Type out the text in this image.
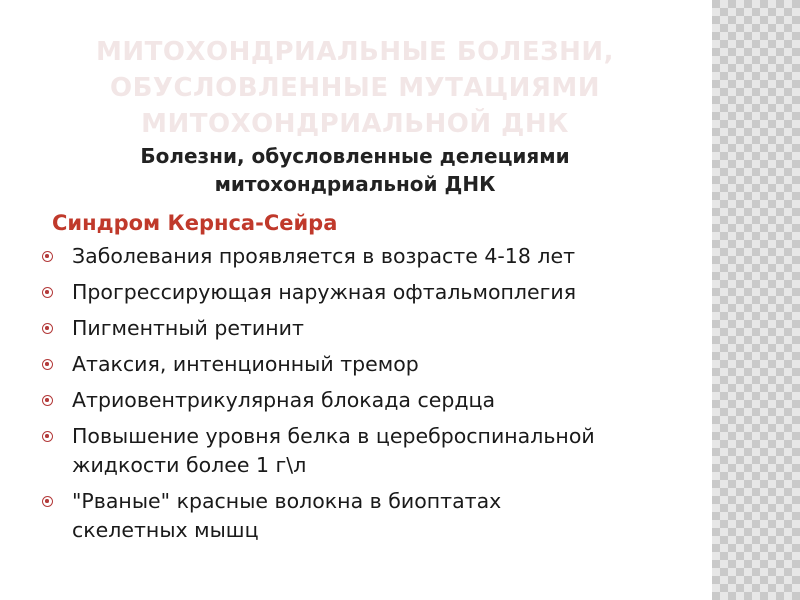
МИТОХОНДРИАЛЬНЫЕ БОЛЕЗНИ,
ОБУСЛОВЛЕННЫЕ МУТАЦИЯМИ
МИТОХОНДРИАЛЬНОЙ ДНК
Болезни, обусловленные делециями
митохондриальной ДНК

Синдром Кернса-Сейра

Заболевания проявляется в возрасте 4-18 лет
Прогрессирующая наружная офтальмоплегия
Пигментный ретинит
Атаксия, интенционный тремор
Атриовентрикулярная блокада сердца
Повышение уровня белка в цереброспинальной
жидкости более 1 г\л
"Рваные" красные волокна в биоптатах
скелетных мышц
